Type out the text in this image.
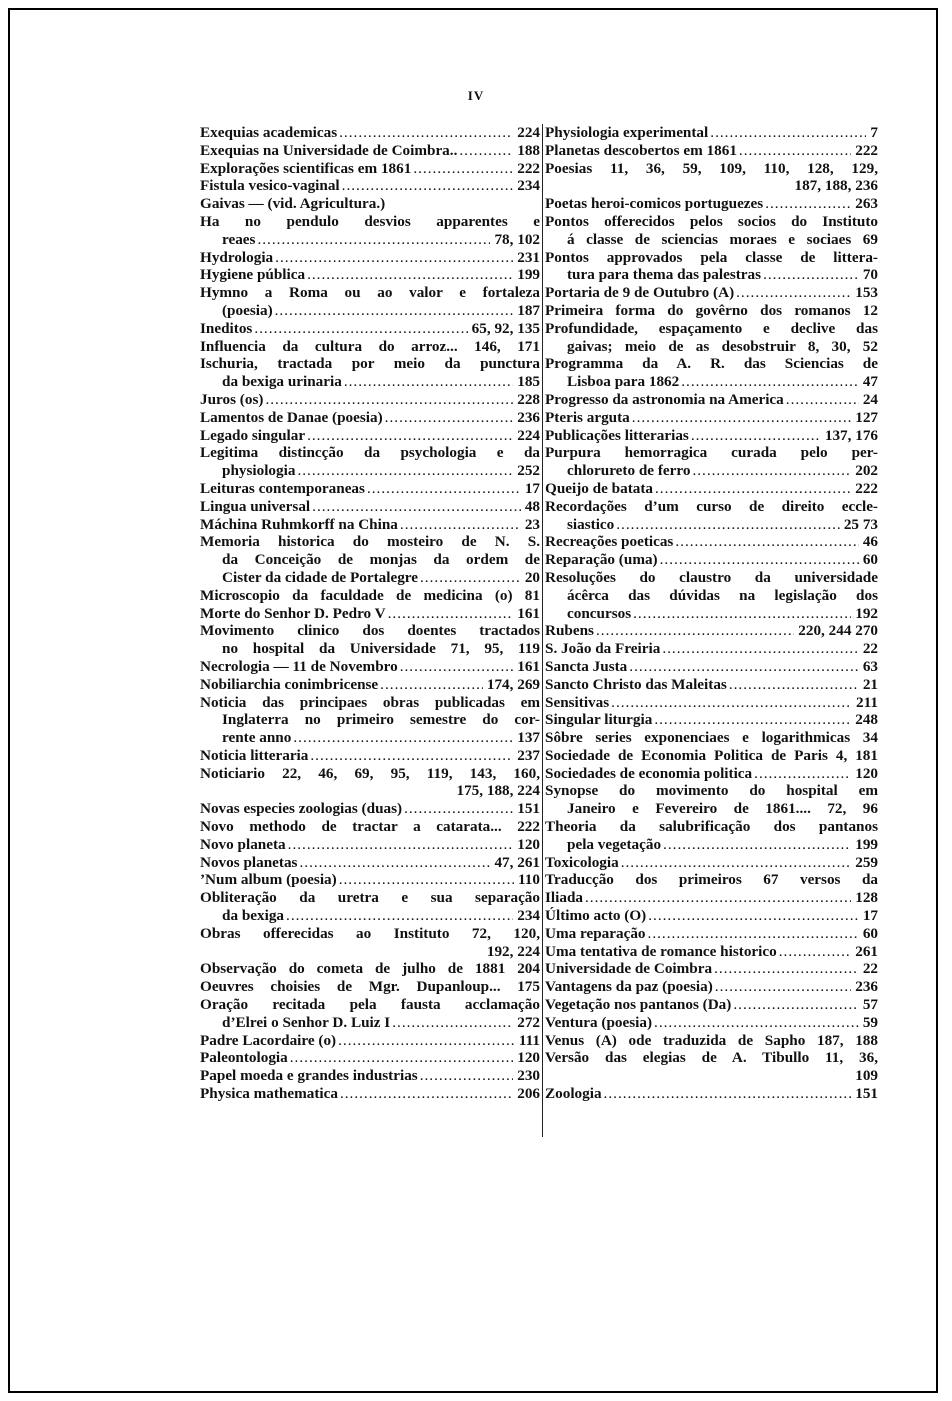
IV
Exequias academicas .....	224
Exequias na Universidade de Coimbra.. .....	188
Explorações scientificas em 1861 .....	222
Fistula vesico-vaginal .....	234
Gaivas — (vid. Agricultura.)
Ha no pendulo desvios apparentes e
reaes .....	78, 102
Hydrologia .....	231
Hygiene pública .....	199
Hymno a Roma ou ao valor e fortaleza
(poesia) .....	187
Ineditos .....	65, 92, 135
Influencia da cultura do arroz... 146, 171
Ischuria, tractada por meio da punctura
da bexiga urinaria .....	185
Juros (os) .....	228
Lamentos de Danae (poesia) .....	236
Legado singular .....	224
Legitima distincção da psychologia e da
physiologia .....	252
Leituras contemporaneas .....	17
Lingua universal .....	48
Máchina Ruhmkorff na China .....	23
Memoria historica do mosteiro de N. S.
da Conceição de monjas da ordem de
Cister da cidade de Portalegre .....	20
Microscopio da faculdade de medicina (o) 81
Morte do Senhor D. Pedro V .....	161
Movimento clinico dos doentes tractados
no hospital da Universidade 71, 95, 119
Necrologia — 11 de Novembro .....	161
Nobiliarchia conimbricense .....	174, 269
Noticia das principaes obras publicadas em
Inglaterra no primeiro semestre do cor-
rente anno .....	137
Noticia litteraria .....	237
Noticiario 22, 46, 69, 95, 119, 143, 160,
175, 188, 224
Novas especies zoologias (duas) .....	151
Novo methodo de tractar a catarata... 222
Novo planeta .....	120
Novos planetas .....	47, 261
’Num album (poesia) .....	110
Obliteração da uretra e sua separação
da bexiga .....	234
Obras offerecidas ao Instituto 72, 120,
192, 224
Observação do cometa de julho de 1881 204
Oeuvres choisies de Mgr. Dupanloup... 175
Oração recitada pela fausta acclamação
d’Elrei o Senhor D. Luiz I .....	272
Padre Lacordaire (o) .....	111
Paleontologia .....	120
Papel moeda e grandes industrias .....	230
Physica mathematica .....	206
Physiologia experimental .....	7
Planetas descobertos em 1861 .....	222
Poesias 11, 36, 59, 109, 110, 128, 129,
187, 188, 236
Poetas heroi-comicos portuguezes .....	263
Pontos offerecidos pelos socios do Instituto
á classe de sciencias moraes e sociaes 69
Pontos approvados pela classe de littera-
tura para thema das palestras .....	70
Portaria de 9 de Outubro (A) .....	153
Primeira forma do govêrno dos romanos 12
Profundidade, espaçamento e declive das
gaivas; meio de as desobstruir 8, 30, 52
Programma da A. R. das Sciencias de
Lisboa para 1862 .....	47
Progresso da astronomia na America .....	24
Pteris arguta .....	127
Publicações litterarias .....	137, 176
Purpura hemorragica curada pelo per-
chlorureto de ferro .....	202
Queijo de batata .....	222
Recordações d’um curso de direito eccle-
siastico .....	25 73
Recreações poeticas .....	46
Reparação (uma) .....	60
Resoluções do claustro da universidade
ácêrca das dúvidas na legislação dos
concursos .....	192
Rubens .....	220, 244 270
S. João da Freiria .....	22
Sancta Justa .....	63
Sancto Christo das Maleitas .....	21
Sensitivas .....	211
Singular liturgia .....	248
Sôbre series exponenciaes e logarithmicas 34
Sociedade de Economia Politica de Paris 4, 181
Sociedades de economia politica .....	120
Synopse do movimento do hospital em
Janeiro e Fevereiro de 1861.... 72, 96
Theoria da salubrificação dos pantanos
pela vegetação .....	199
Toxicologia .....	259
Traducção dos primeiros 67 versos da
Iliada .....	128
Último acto (O) .....	17
Uma reparação .....	60
Uma tentativa de romance historico .....	261
Universidade de Coimbra .....	22
Vantagens da paz (poesia) .....	236
Vegetação nos pantanos (Da) .....	57
Ventura (poesia) .....	59
Venus (A) ode traduzida de Sapho 187, 188
Versão das elegias de A. Tibullo 11, 36,
109
Zoologia .....	151
